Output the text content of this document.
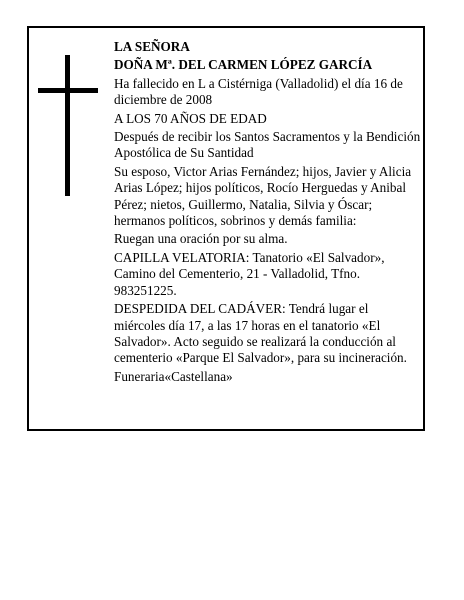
LA SEÑORA

DOÑA Mª. DEL CARMEN LÓPEZ GARCÍA

Ha fallecido en L a Cistérniga (Valladolid) el día 16 de diciembre de 2008

A LOS 70 AÑOS DE EDAD

Después de recibir los Santos Sacramentos y la Bendición Apostólica de Su Santidad

Su esposo, Victor Arias Fernández; hijos, Javier y Alicia Arias López; hijos políticos, Rocío Herguedas y Anibal Pérez; nietos, Guillermo, Natalia, Silvia y Óscar; hermanos políticos, sobrinos y demás familia:

Ruegan una oración por su alma.

CAPILLA VELATORIA: Tanatorio «El Salvador», Camino del Cementerio, 21 - Valladolid, Tfno. 983251225.

DESPEDIDA DEL CADÁVER: Tendrá lugar el miércoles día 17, a las 17 horas en el tanatorio «El Salvador». Acto seguido se realizará la conducción al cementerio «Parque El Salvador», para su incineración.

Funeraria«Castellana»
